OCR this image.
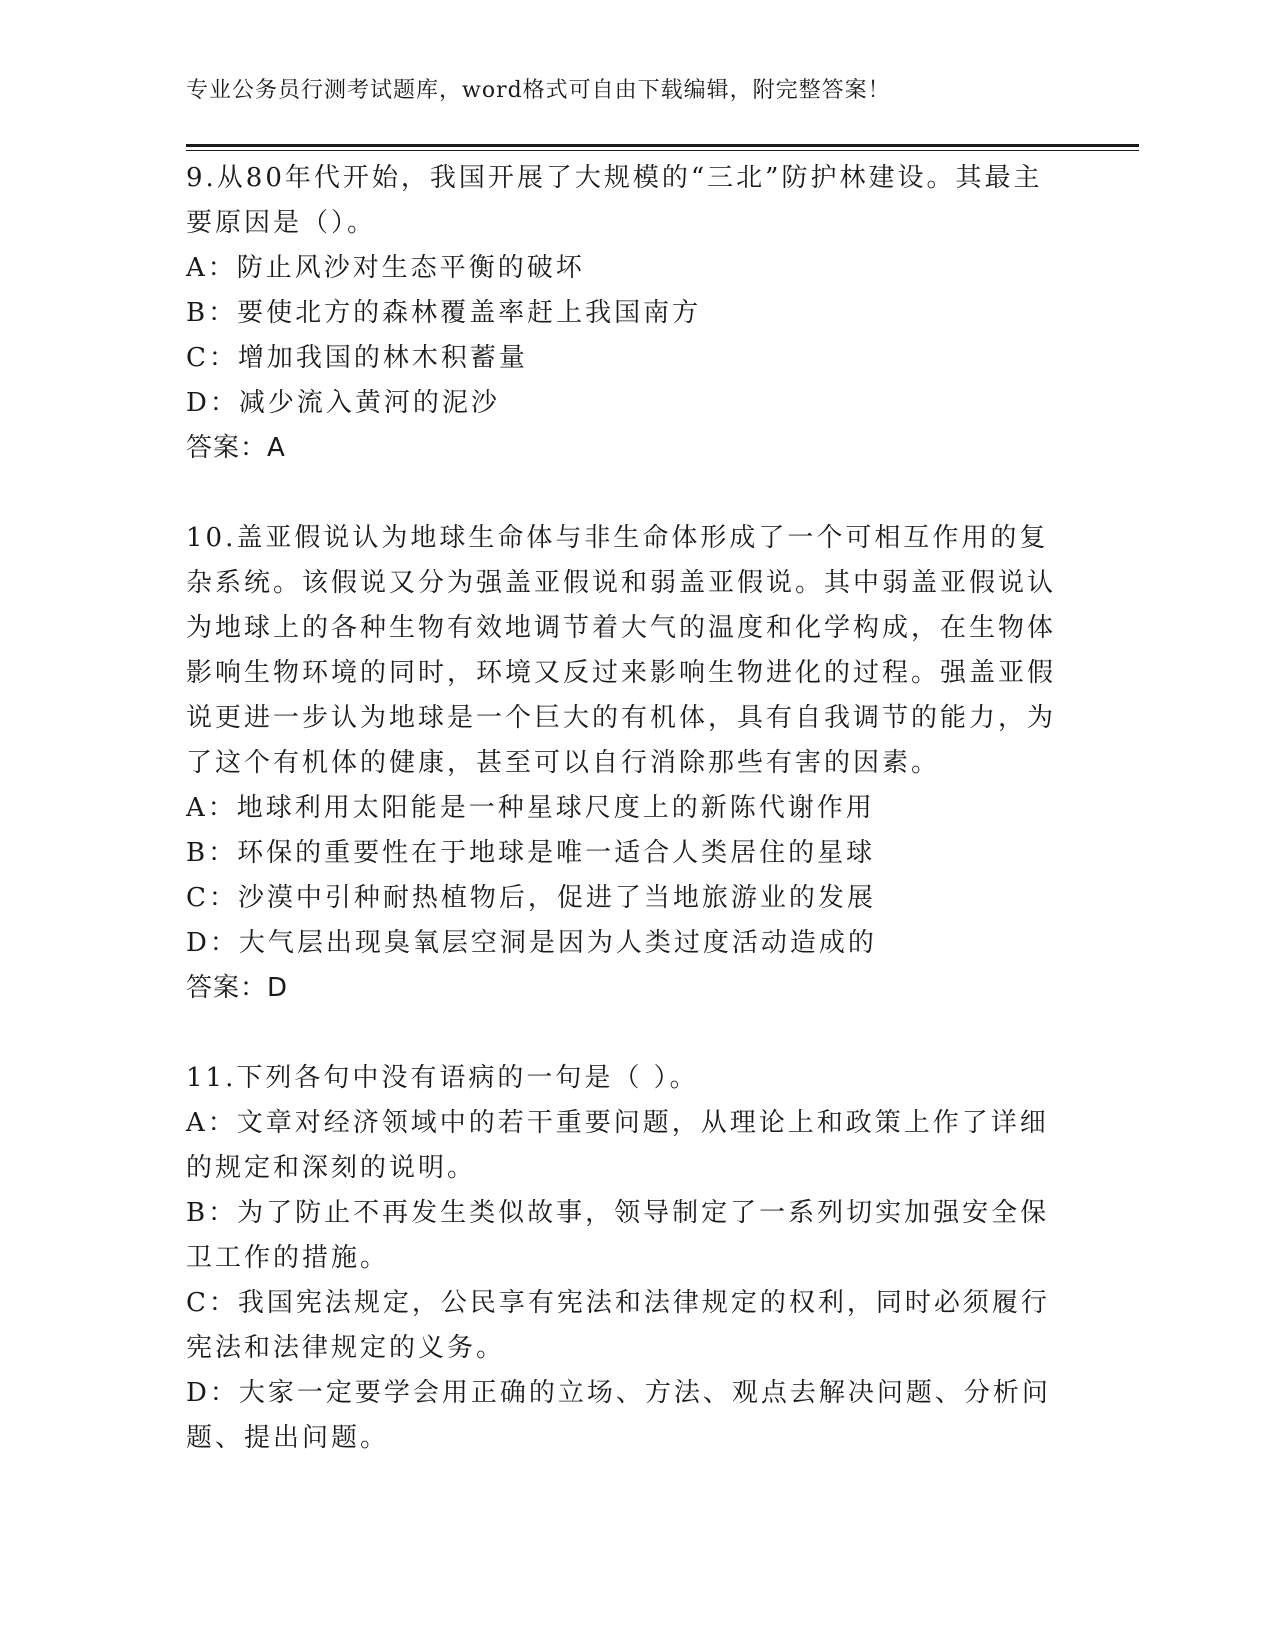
专业公务员行测考试题库，word格式可自由下载编辑，附完整答案！

9.从80年代开始，我国开展了大规模的“三北”防护林建设。其最主要原因是（）。

A：防止风沙对生态平衡的破坏

B：要使北方的森林覆盖率赶上我国南方

C：增加我国的林木积蓄量

D：减少流入黄河的泥沙

答案：A

10.盖亚假说认为地球生命体与非生命体形成了一个可相互作用的复杂系统。该假说又分为强盖亚假说和弱盖亚假说。其中弱盖亚假说认为地球上的各种生物有效地调节着大气的温度和化学构成，在生物体影响生物环境的同时，环境又反过来影响生物进化的过程。强盖亚假说更进一步认为地球是一个巨大的有机体，具有自我调节的能力，为了这个有机体的健康，甚至可以自行消除那些有害的因素。

A：地球利用太阳能是一种星球尺度上的新陈代谢作用

B：环保的重要性在于地球是唯一适合人类居住的星球

C：沙漠中引种耐热植物后，促进了当地旅游业的发展

D：大气层出现臭氧层空洞是因为人类过度活动造成的

答案：D

11.下列各句中没有语病的一句是（ ）。

A：文章对经济领域中的若干重要问题，从理论上和政策上作了详细的规定和深刻的说明。

B：为了防止不再发生类似故事，领导制定了一系列切实加强安全保卫工作的措施。

C：我国宪法规定，公民享有宪法和法律规定的权利，同时必须履行宪法和法律规定的义务。

D：大家一定要学会用正确的立场、方法、观点去解决问题、分析问题、提出问题。
